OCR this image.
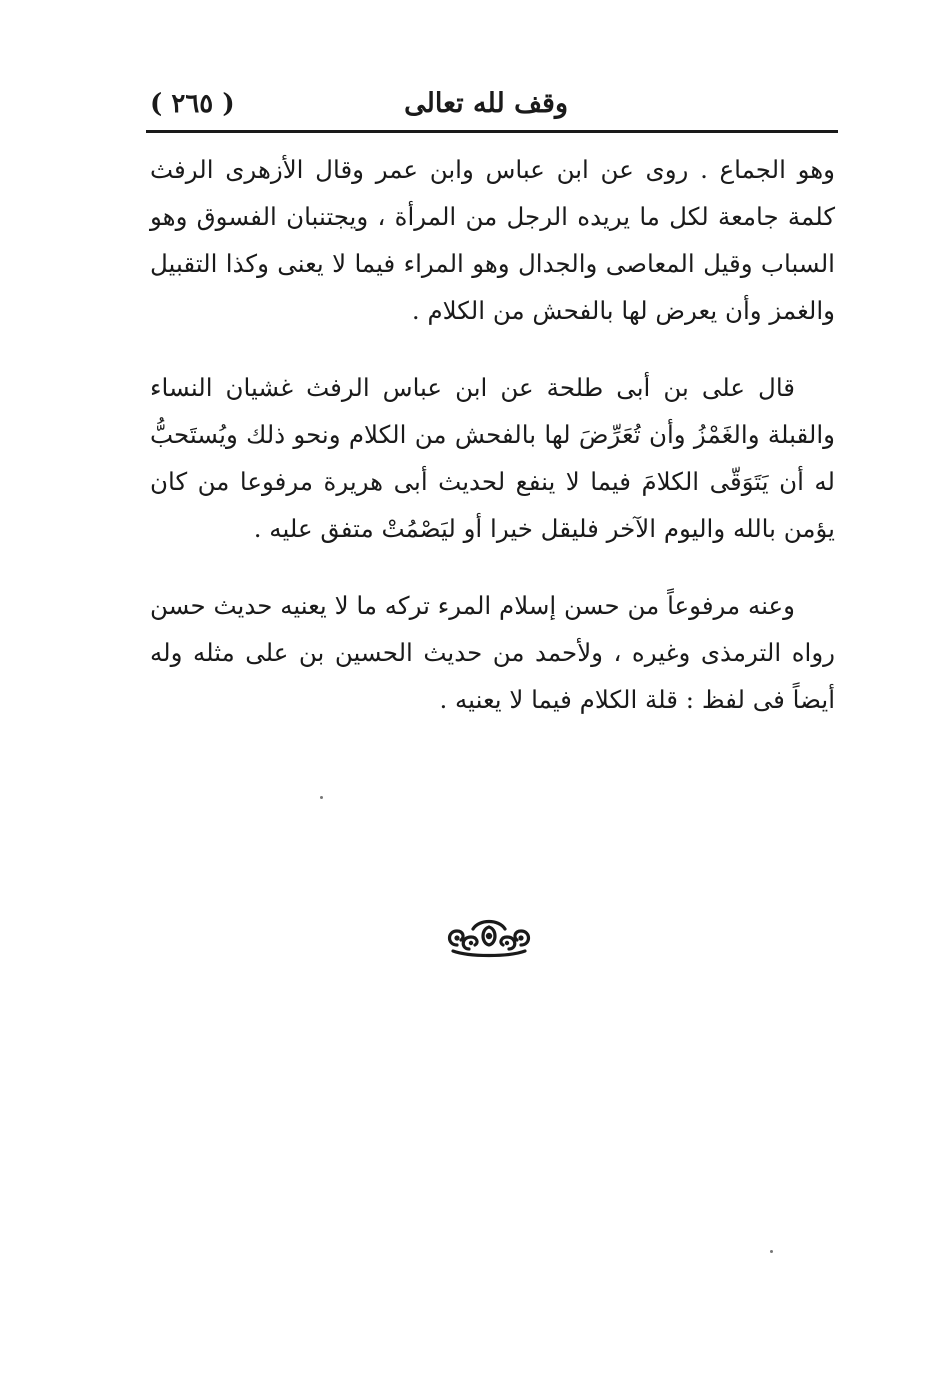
وقف لله تعالى
( ٢٦٥ )

وهو الجماع . روى عن ابن عباس وابن عمر وقال الأزهرى الرفث كلمة جامعة لكل ما يريده الرجل من المرأة ، ويجتنبان الفسوق وهو السباب وقيل المعاصى والجدال وهو المراء فيما لا يعنى وكذا التقبيل والغمز وأن يعرض لها بالفحش من الكلام .

قال على بن أبى طلحة عن ابن عباس الرفث غشيان النساء والقبلة والغَمْزُ وأن تُعَرِّضَ لها بالفحش من الكلام ونحو ذلك ويُستَحبُّ له أن يَتَوَقّى الكلامَ فيما لا ينفع لحديث أبى هريرة مرفوعا من كان يؤمن بالله واليوم الآخر فليقل خيرا أو ليَصْمُتْ متفق عليه .

وعنه مرفوعاً من حسن إسلام المرء تركه ما لا يعنيه حديث حسن رواه الترمذى وغيره ، ولأحمد من حديث الحسين بن على مثله وله أيضاً فى لفظ : قلة الكلام فيما لا يعنيه .
